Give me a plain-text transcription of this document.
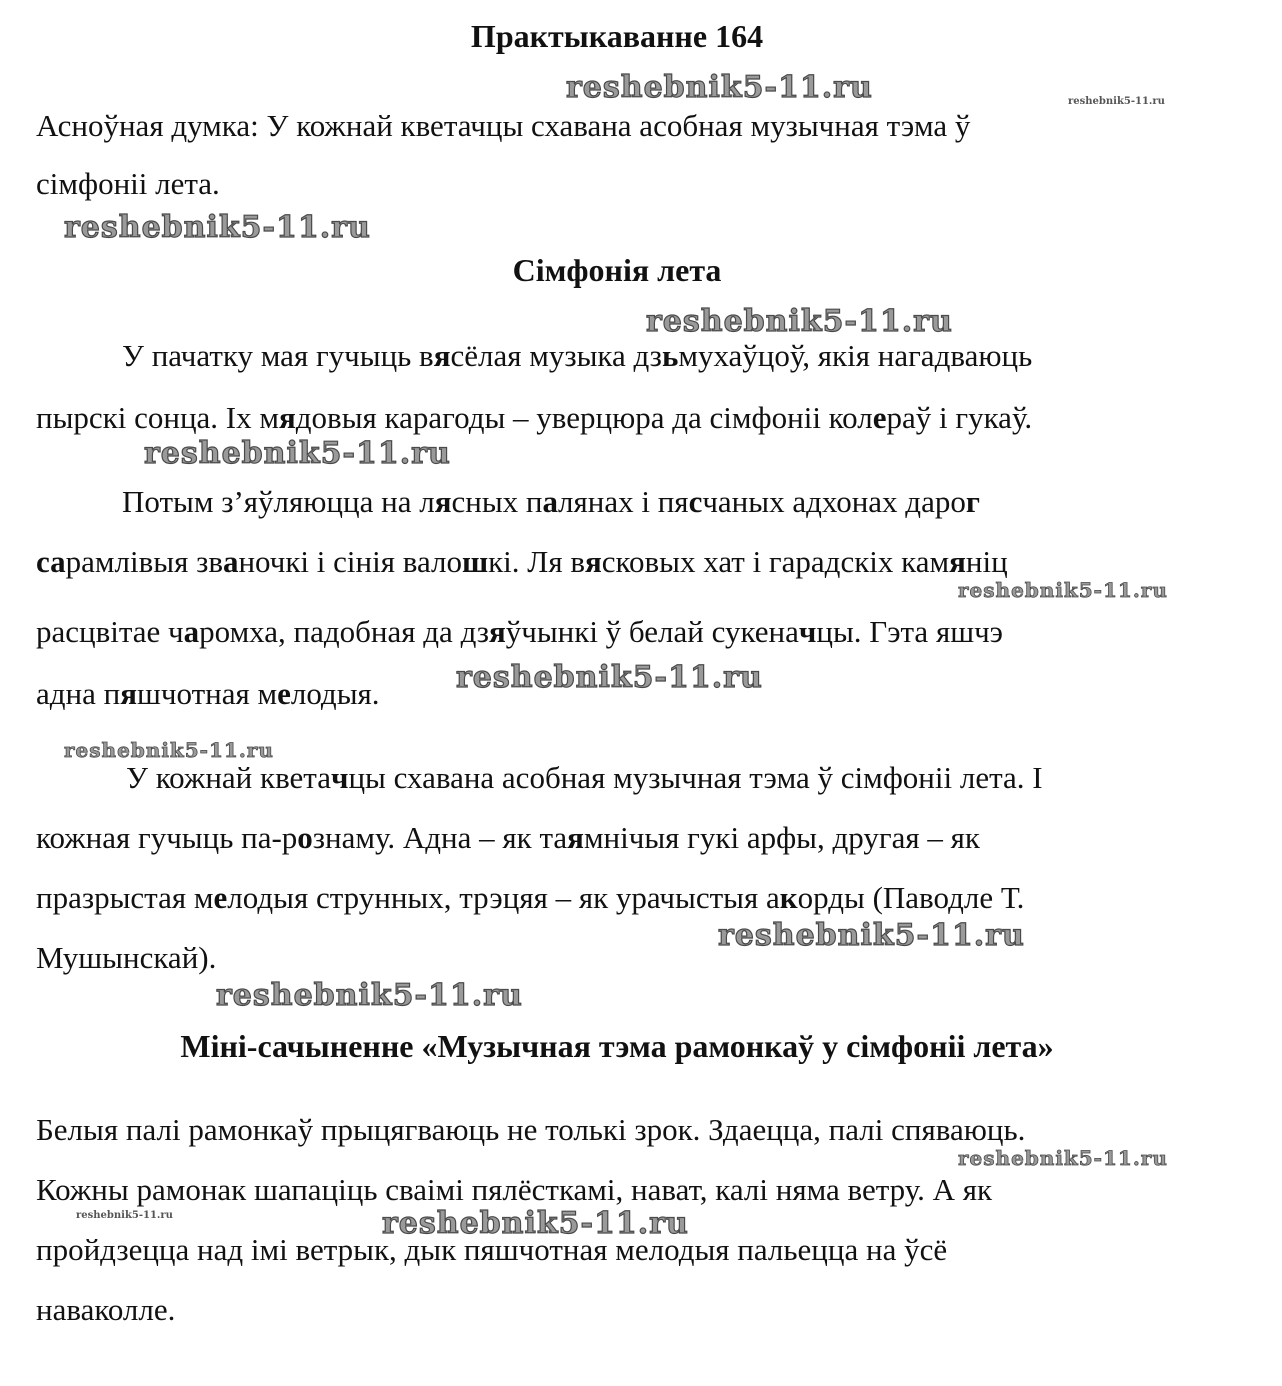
Практыкаванне 164
Асноўная думка: У кожнай кветачцы схавана асобная музычная тэма ў
сімфоніі лета.
Сімфонія лета
У пачатку мая гучыць вясёлая музыка дзьмухаўцоў, якія нагадваюць
пырскі сонца. Іх мядовыя карагоды – уверцюра да сімфоніі колераў і гукаў.
Потым з’яўляюцца на лясных палянах і пясчаных адхонах дарог
сарамлівыя званочкі і сінія валошкі. Ля вясковых хат і гарадскіх камяніц
расцвітае чаромха, падобная да дзяўчынкі ў белай сукеначцы. Гэта яшчэ
адна пяшчотная мелодыя.
У кожнай кветачцы схавана асобная музычная тэма ў сімфоніі лета. І
кожная гучыць па-рознаму. Адна – як таямнічыя гукі арфы, другая – як
празрыстая мелодыя струнных, трэцяя – як урачыстыя акорды (Паводле Т.
Мушынскай).
Міні-сачыненне «Музычная тэма рамонкаў у сімфоніі лета»
Белыя палі рамонкаў прыцягваюць не толькі зрок. Здаецца, палі спяваюць.
Кожны рамонак шапаціць сваімі пялёсткамі, нават, калі няма ветру. А як
пройдзецца над імі ветрык, дык пяшчотная мелодыя пальецца на ўсё
наваколле.
reshebnik5-11.ru	reshebnik5-11.ru
reshebnik5-11.ru
reshebnik5-11.ru
reshebnik5-11.ru
reshebnik5-11.ru
reshebnik5-11.ru
reshebnik5-11.ru
reshebnik5-11.ru
reshebnik5-11.ru
reshebnik5-11.ru
reshebnik5-11.ru	reshebnik5-11.ru
